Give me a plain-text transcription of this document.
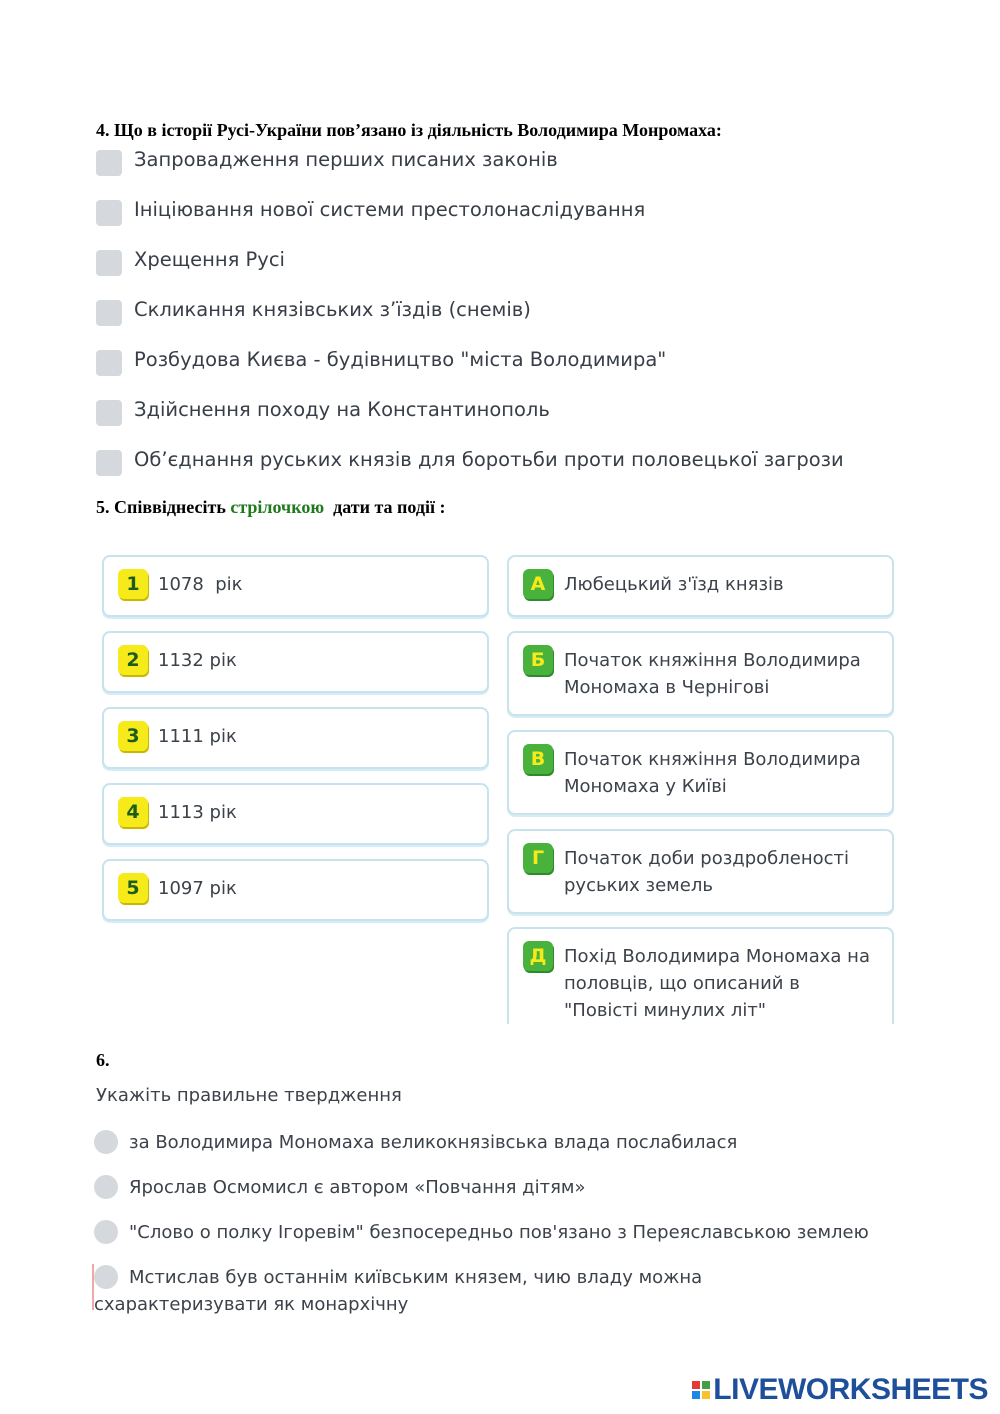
4. Що в історії Русі-України пов’язано із діяльність Володимира Монромаха:
Запровадження перших писаних законів
Ініціювання нової системи престолонаслідування
Хрещення Русі
Скликання князівських з’їздів (снемів)
Розбудова Києва - будівництво "міста Володимира"
Здійснення походу на Константинополь
Об’єднання руських князів для боротьби проти половецької загрози
5. Співвіднесіть стрілочкою  дати та події :
1	1078  рік
2	1132 рік
3	1111 рік
4	1113 рік
5	1097 рік
А	Любецький з'їзд князів
Б	Початок княжіння Володимира Мономаха в Чернігові
В	Початок княжіння Володимира Мономаха у Київі
Г	Початок доби роздробленості руських земель
Д Похід Володимира Мономаха на половців, що описаний в "Повісті минулих літ"
6.
Укажіть правильне твердження
за Володимира Мономаха великокнязівська влада послабилася
Ярослав Осмомисл є автором «Повчання дітям»
"Слово о полку Ігоревім" безпосередньо пов'язано з Переяславською землею
Мстислав був останнім київським князем, чию владу можна схарактеризувати як монархічну
LIVEWORKSHEETS
